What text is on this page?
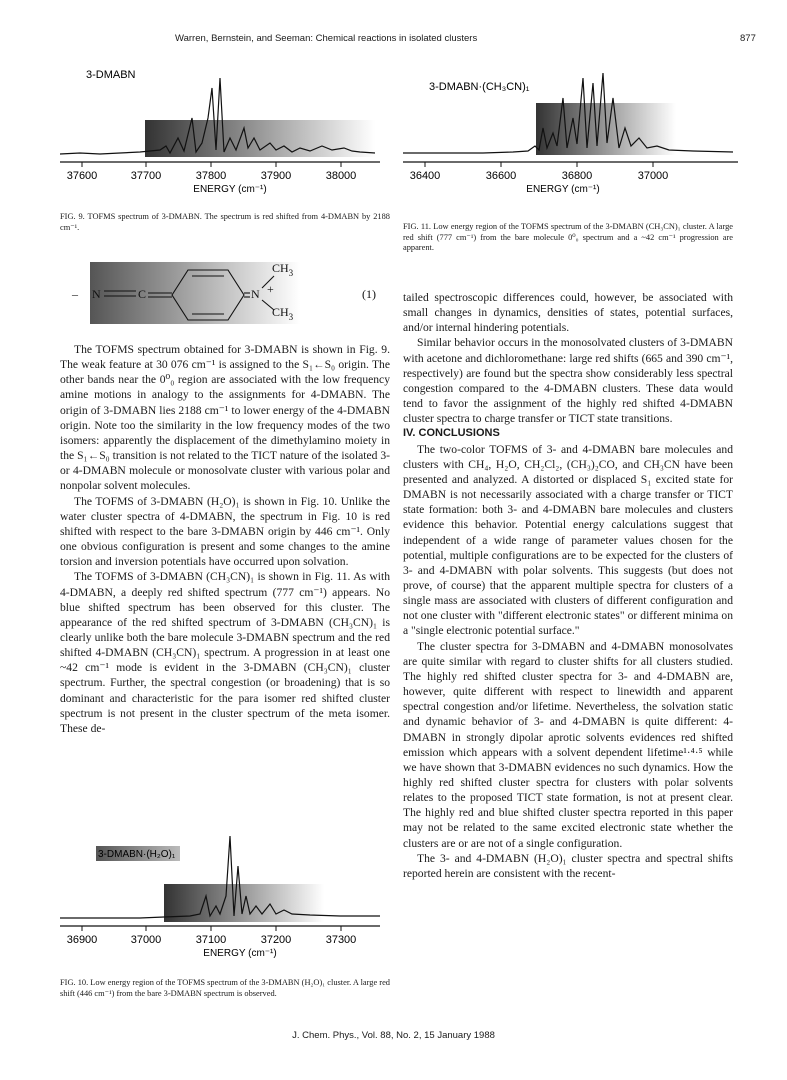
Warren, Bernstein, and Seeman: Chemical reactions in isolated clusters	877
3-DMABN
37600	37700	37800	37900	38000
ENERGY (cm⁻¹)
FIG. 9. TOFMS spectrum of 3-DMABN. The spectrum is red shifted from 4-DMABN by 2188 cm⁻¹.
3-DMABN·(CH₃CN)₁
36400	36600	36800	37000
ENERGY (cm⁻¹)
FIG. 11. Low energy region of the TOFMS spectrum of the 3-DMABN (CH₃CN)₁ cluster. A large red shift (777 cm⁻¹) from the bare molecule 0⁰₀ spectrum and a ~42 cm⁻¹ progression are apparent.
– N	C	N +
$CH_3$
$CH_3$
(1)

The TOFMS spectrum obtained for 3-DMABN is shown in Fig. 9. The weak feature at 30 076 cm⁻¹ is assigned to the S₁←S₀ origin. The other bands near the 0⁰₀ region are associated with the low frequency amine motions in analogy to the assignments for 4-DMABN. The origin of 3-DMABN lies 2188 cm⁻¹ to lower energy of the 4-DMABN origin. Note too the similarity in the low frequency modes of the two isomers: apparently the displacement of the dimethylamino moiety in the S₁←S₀ transition is not related to the TICT nature of the isolated 3- or 4-DMABN molecule or monosolvate cluster with various polar and nonpolar solvent molecules.

The TOFMS of 3-DMABN (H₂O)₁ is shown in Fig. 10. Unlike the water cluster spectra of 4-DMABN, the spectrum in Fig. 10 is red shifted with respect to the bare 3-DMABN origin by 446 cm⁻¹. Only one obvious configuration is present and some changes to the amine torsion and inversion potentials have occurred upon solvation.

The TOFMS of 3-DMABN (CH₃CN)₁ is shown in Fig. 11. As with 4-DMABN, a deeply red shifted spectrum (777 cm⁻¹) appears. No blue shifted spectrum has been observed for this cluster. The appearance of the red shifted spectrum of 3-DMABN (CH₃CN)₁ is clearly unlike both the bare molecule 3-DMABN spectrum and the red shifted 4-DMABN (CH₃CN)₁ spectrum. A progression in at least one ~42 cm⁻¹ mode is evident in the 3-DMABN (CH₃CN)₁ cluster spectrum. Further, the spectral congestion (or broadening) that is so dominant and characteristic for the para isomer red shifted cluster spectrum is not present in the cluster spectrum of the meta isomer. These de-

3-DMABN·(H₂O)₁
36900	37000	37100	37200	37300
ENERGY (cm⁻¹)
FIG. 10. Low energy region of the TOFMS spectrum of the 3-DMABN (H₂O)₁ cluster. A large red shift (446 cm⁻¹) from the bare 3-DMABN spectrum is observed.

tailed spectroscopic differences could, however, be associated with small changes in dynamics, densities of states, potential surfaces, and/or internal hindering potentials.

Similar behavior occurs in the monosolvated clusters of 3-DMABN with acetone and dichloromethane: large red shifts (665 and 390 cm⁻¹, respectively) are found but the spectra show considerably less spectral congestion compared to the 4-DMABN clusters. These data would tend to favor the assignment of the highly red shifted 4-DMABN cluster spectra to charge transfer or TICT state transitions.

IV. CONCLUSIONS

The two-color TOFMS of 3- and 4-DMABN bare molecules and clusters with CH₄, H₂O, CH₂Cl₂, (CH₃)₂CO, and CH₃CN have been presented and analyzed. A distorted or displaced S₁ excited state for DMABN is not necessarily associated with a charge transfer or TICT state formation: both 3- and 4-DMABN bare molecules and clusters evidence this behavior. Potential energy calculations suggest that independent of a wide range of parameter values chosen for the potential, multiple configurations are to be expected for the clusters of 3- and 4-DMABN with polar solvents. This suggests (but does not prove, of course) that the apparent multiple spectra for clusters of a single mass are associated with clusters of different configuration and not one cluster with "different electronic states" or different minima on a "single electronic potential surface."

The cluster spectra for 3-DMABN and 4-DMABN monosolvates are quite similar with regard to cluster shifts for all clusters studied. The highly red shifted cluster spectra for 3- and 4-DMABN are, however, quite different with respect to linewidth and apparent spectral congestion and/or lifetime. Nevertheless, the solvation static and dynamic behavior of 3- and 4-DMABN is quite different: 4-DMABN in strongly dipolar aprotic solvents evidences red shifted emission which appears with a solvent dependent lifetime¹·⁴·⁵ while we have shown that 3-DMABN evidences no such dynamics. How the highly red shifted cluster spectra for clusters with polar solvents relates to the proposed TICT state formation, is not at present clear. The highly red and blue shifted cluster spectra reported in this paper may not be related to the same excited electronic state whether the clusters are or are not of a single configuration.

The 3- and 4-DMABN (H₂O)₁ cluster spectra and spectral shifts reported herein are consistent with the recent-

J. Chem. Phys., Vol. 88, No. 2, 15 January 1988
